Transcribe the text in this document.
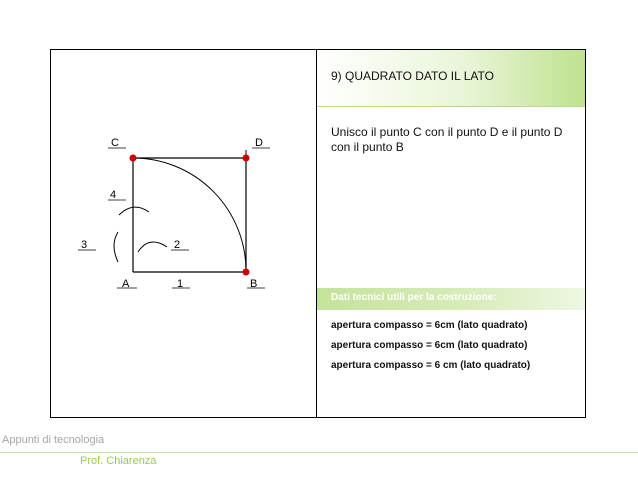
9) QUADRATO DATO IL LATO
Unisco il punto C con il punto D e il punto D con il punto B
Dati tecnici utili per la costruzione:
apertura compasso = 6cm (lato quadrato)
apertura compasso = 6cm (lato quadrato)
apertura compasso = 6 cm (lato quadrato)
C	D
4
3	2
A	1	B
Appunti di tecnologia
Prof. Chiarenza
